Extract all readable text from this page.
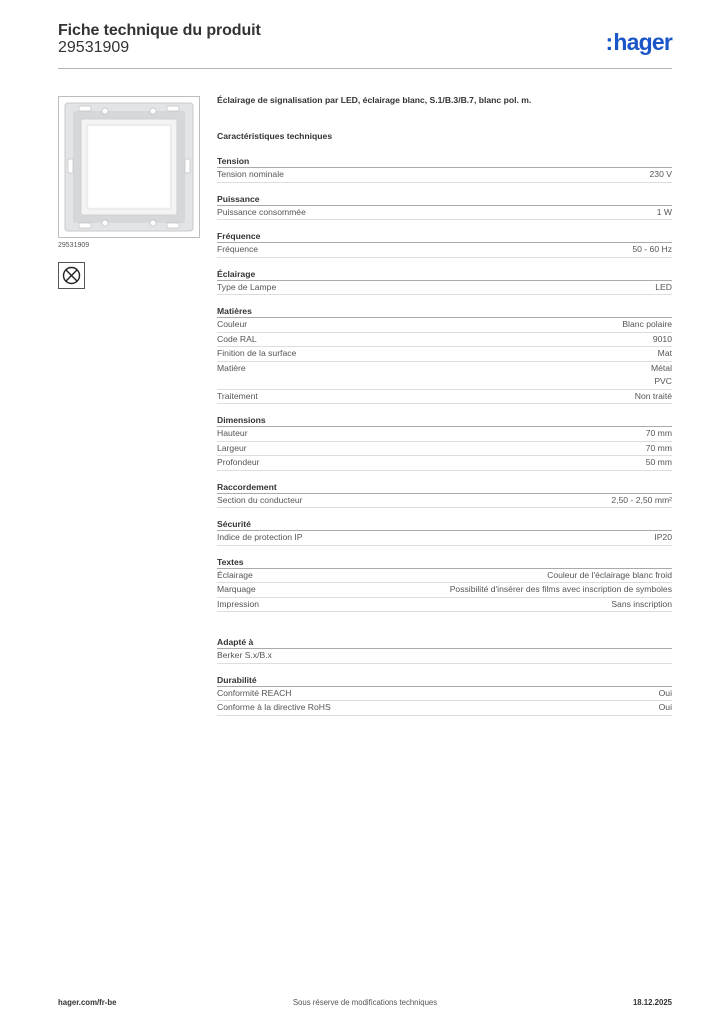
Fiche technique du produit
29531909	:hager
29531909
Éclairage de signalisation par LED, éclairage blanc, S.1/B.3/B.7, blanc pol. m.
Caractéristiques techniques
Tension
Tension nominale	230 V
Puissance
Puissance consommée	1 W
Fréquence
Fréquence	50 - 60 Hz
Éclairage
Type de Lampe	LED
Matières
Couleur	Blanc polaire
Code RAL	9010
Finition de la surface	Mat
Matière	Métal
PVC
Traitement	Non traité
Dimensions
Hauteur	70 mm
Largeur	70 mm
Profondeur	50 mm
Raccordement
Section du conducteur	2,50 - 2,50 mm²
Sécurité
Indice de protection IP	IP20
Textes
Éclairage	Couleur de l'éclairage blanc froid
Marquage	Possibilité d'insérer des films avec inscription de symboles
Impression	Sans inscription
Adapté à
Berker S.x/B.x
Durabilité
Conformité REACH	Oui
Conforme à la directive RoHS	Oui
hager.com/fr-be	Sous réserve de modifications techniques	18.12.2025
